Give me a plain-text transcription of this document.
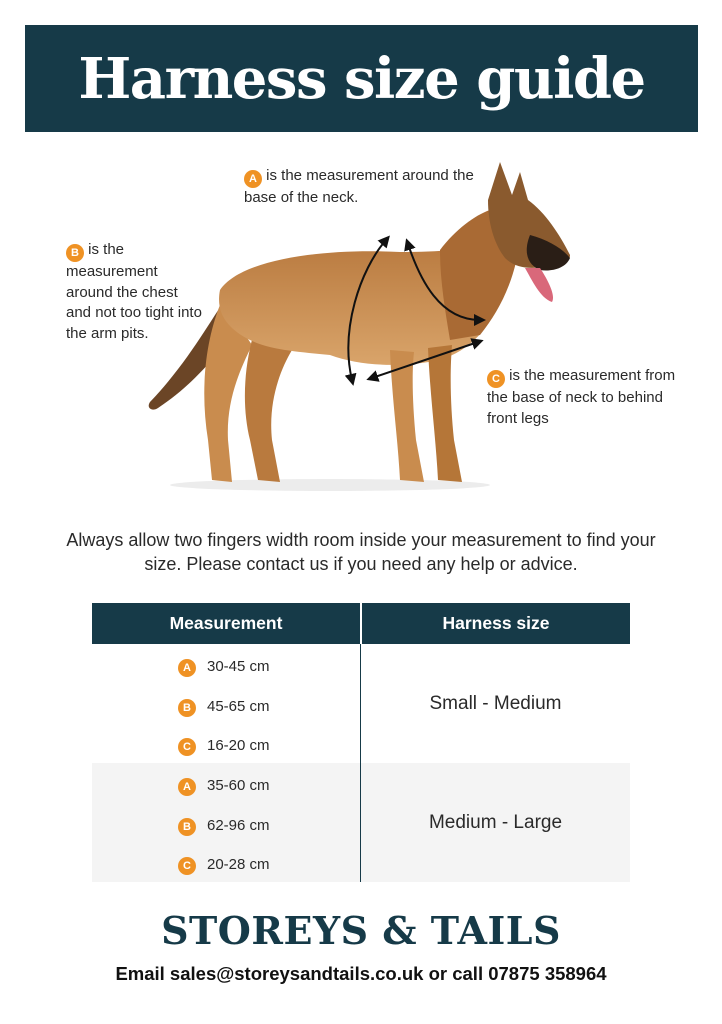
Harness size guide
A is the measurement around the base of the neck.
B is the measurement around the chest and not too tight into the arm pits.
C is the measurement from the base of neck to behind front legs

Always allow two fingers width room inside your measurement to find your size. Please contact us if you need any help or advice.

Measurement	Harness size
A	30-45 cm
B	45-65 cm
C	16-20 cm
Small - Medium
A	35-60 cm
B	62-96 cm
C	20-28 cm
Medium - Large
STOREYS & TAILS
Email sales@storeysandtails.co.uk or call 07875 358964
